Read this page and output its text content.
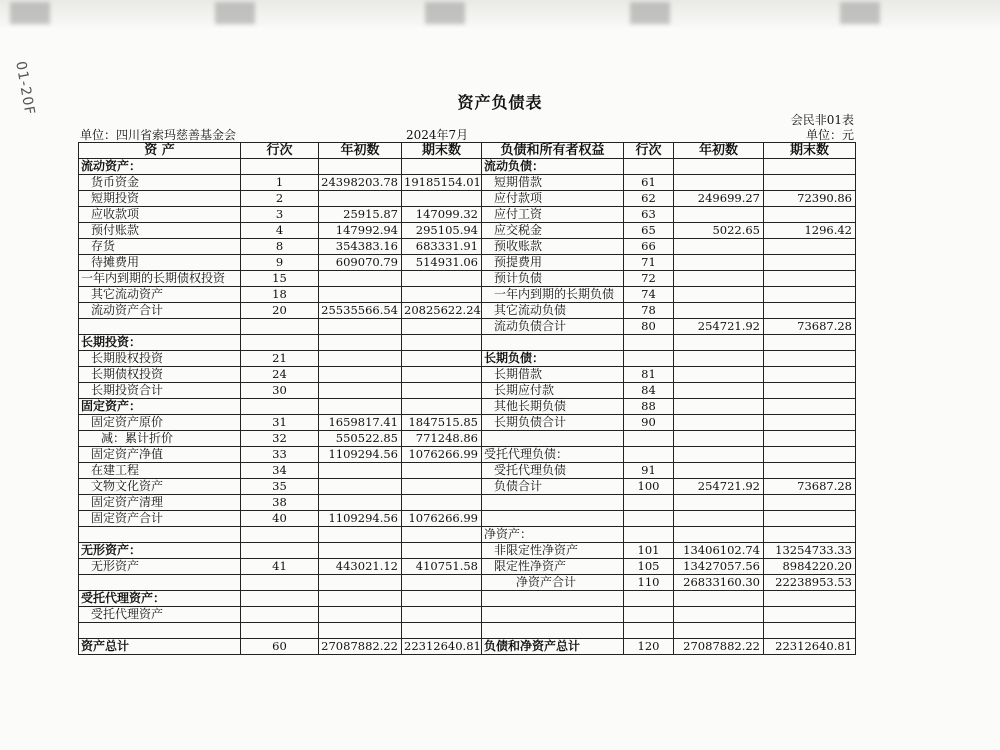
01-20F	资产负债表
会民非01表
单位：四川省索玛慈善基金会	2024年7月	单位：元
资 产	行次	年初数	期末数	负债和所有者权益	行次	年初数	期末数
流动资产：				流动负债：			
货币资金	1	24398203.78	19185154.01	短期借款	61		
短期投资	2			应付款项	62	249699.27	72390.86
应收款项	3	25915.87	147099.32	应付工资	63		
预付账款	4	147992.94	295105.94	应交税金	65	5022.65	1296.42
存货	8	354383.16	683331.91	预收账款	66		
待摊费用	9	609070.79	514931.06	预提费用	71		
一年内到期的长期债权投资	15			预计负债	72		
其它流动资产	18			一年内到期的长期负债	74		
流动资产合计	20	25535566.54	20825622.24	其它流动负债	78		
				流动负债合计	80	254721.92	73687.28
长期投资：							
长期股权投资	21			长期负债：			
长期债权投资	24			长期借款	81		
长期投资合计	30			长期应付款	84		
固定资产：				其他长期负债	88		
固定资产原价	31	1659817.41	1847515.85	长期负债合计	90		
减：累计折价	32	550522.85	771248.86				
固定资产净值	33	1109294.56	1076266.99	受托代理负债：			
在建工程	34			受托代理负债	91		
文物文化资产	35			负债合计	100	254721.92	73687.28
固定资产清理	38						
固定资产合计	40	1109294.56	1076266.99				
				净资产：			
无形资产：				非限定性净资产	101	13406102.74	13254733.33
无形资产	41	443021.12	410751.58	限定性净资产	105	13427057.56	8984220.20
				净资产合计	110	26833160.30	22238953.53
受托代理资产：							
受托代理资产							

资产总计	60	27087882.22	22312640.81	负债和净资产总计	120	27087882.22	22312640.81
